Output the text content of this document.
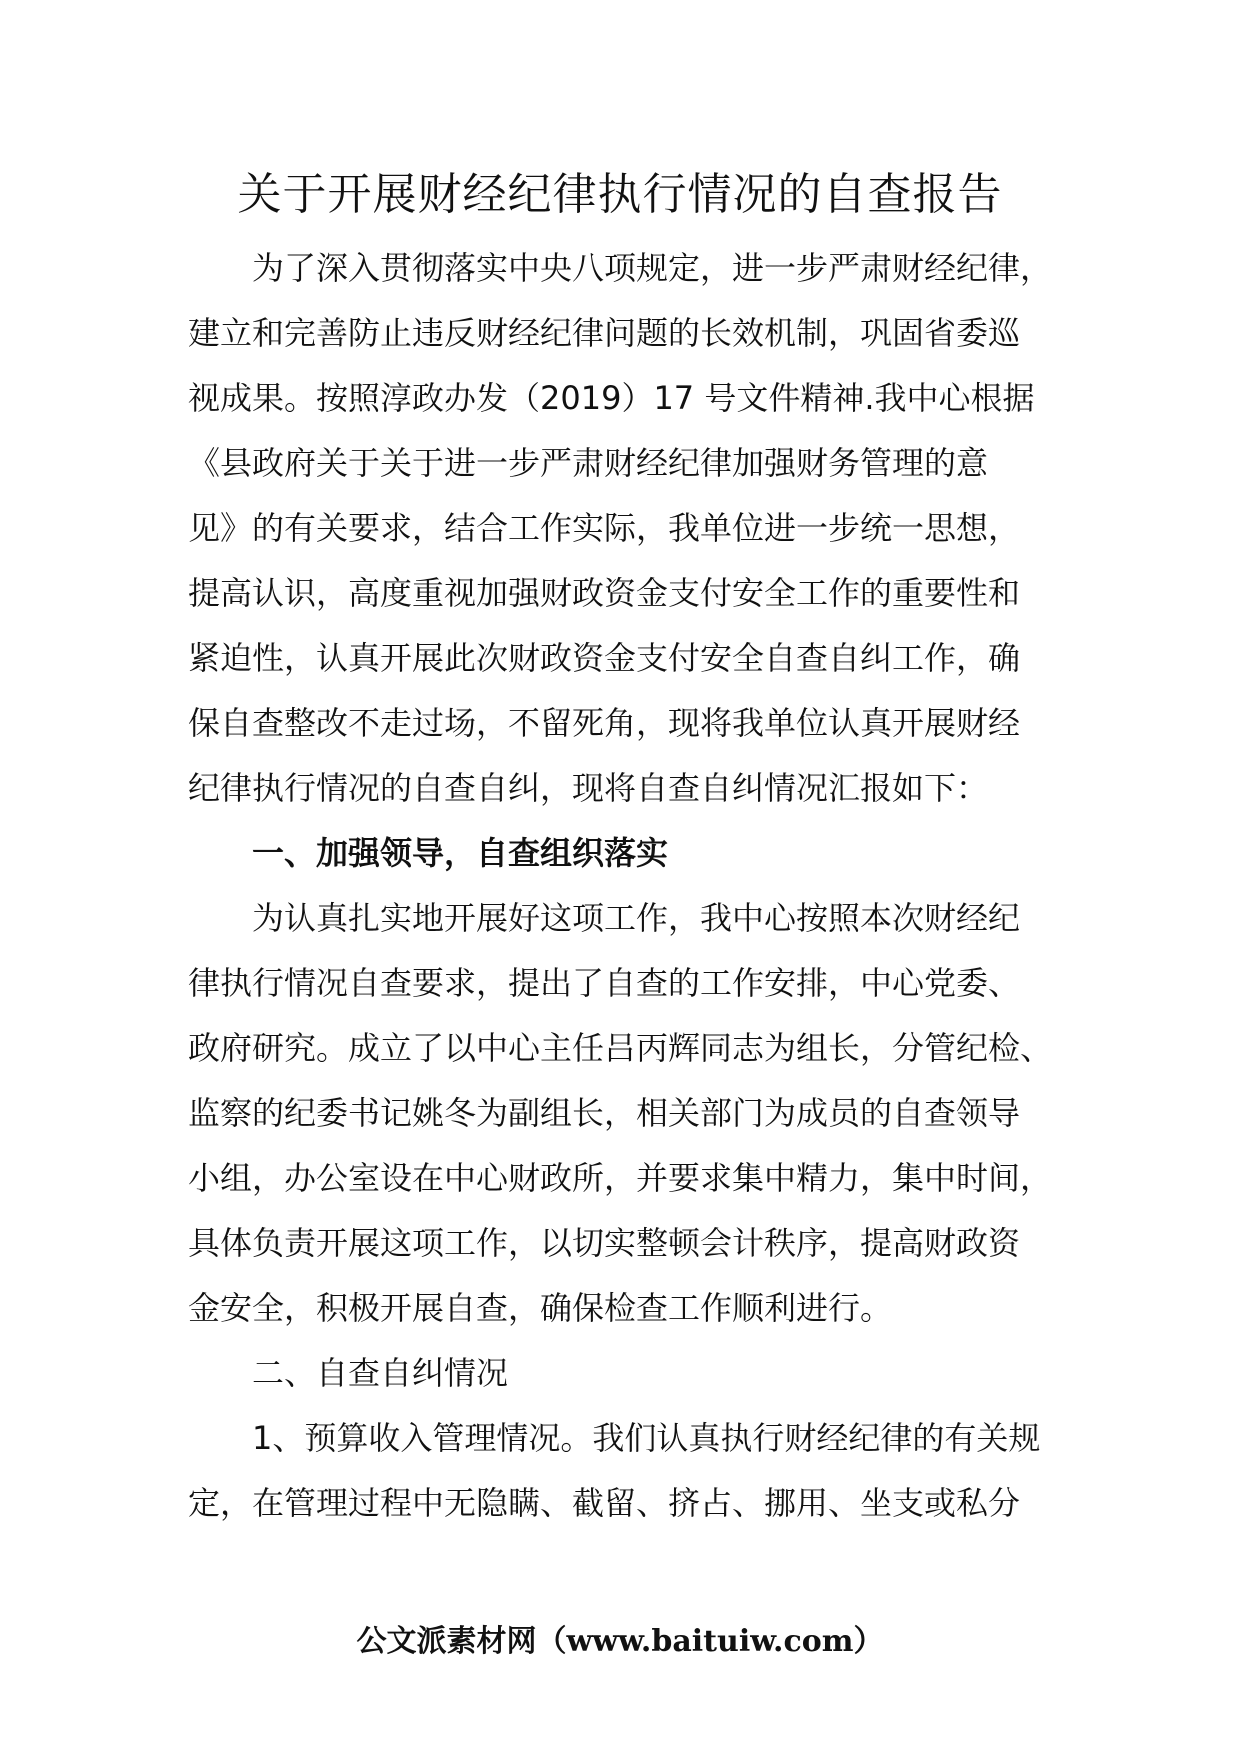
关于开展财经纪律执行情况的自查报告
为了深入贯彻落实中央八项规定，进一步严肃财经纪律，
建立和完善防止违反财经纪律问题的长效机制，巩固省委巡
视成果。按照淳政办发（2019）17 号文件精神.我中心根据
《县政府关于关于进一步严肃财经纪律加强财务管理的意
见》的有关要求，结合工作实际，我单位进一步统一思想，
提高认识，高度重视加强财政资金支付安全工作的重要性和
紧迫性，认真开展此次财政资金支付安全自查自纠工作，确
保自查整改不走过场，不留死角，现将我单位认真开展财经
纪律执行情况的自查自纠，现将自查自纠情况汇报如下：
一、加强领导，自查组织落实
为认真扎实地开展好这项工作，我中心按照本次财经纪
律执行情况自查要求，提出了自查的工作安排，中心党委、
政府研究。成立了以中心主任吕丙辉同志为组长，分管纪检、
监察的纪委书记姚冬为副组长，相关部门为成员的自查领导
小组，办公室设在中心财政所，并要求集中精力，集中时间，
具体负责开展这项工作，以切实整顿会计秩序，提高财政资
金安全，积极开展自查，确保检查工作顺利进行。
二、自查自纠情况
1、预算收入管理情况。我们认真执行财经纪律的有关规
定，在管理过程中无隐瞒、截留、挤占、挪用、坐支或私分
公文派素材网（www.baituiw.com）
